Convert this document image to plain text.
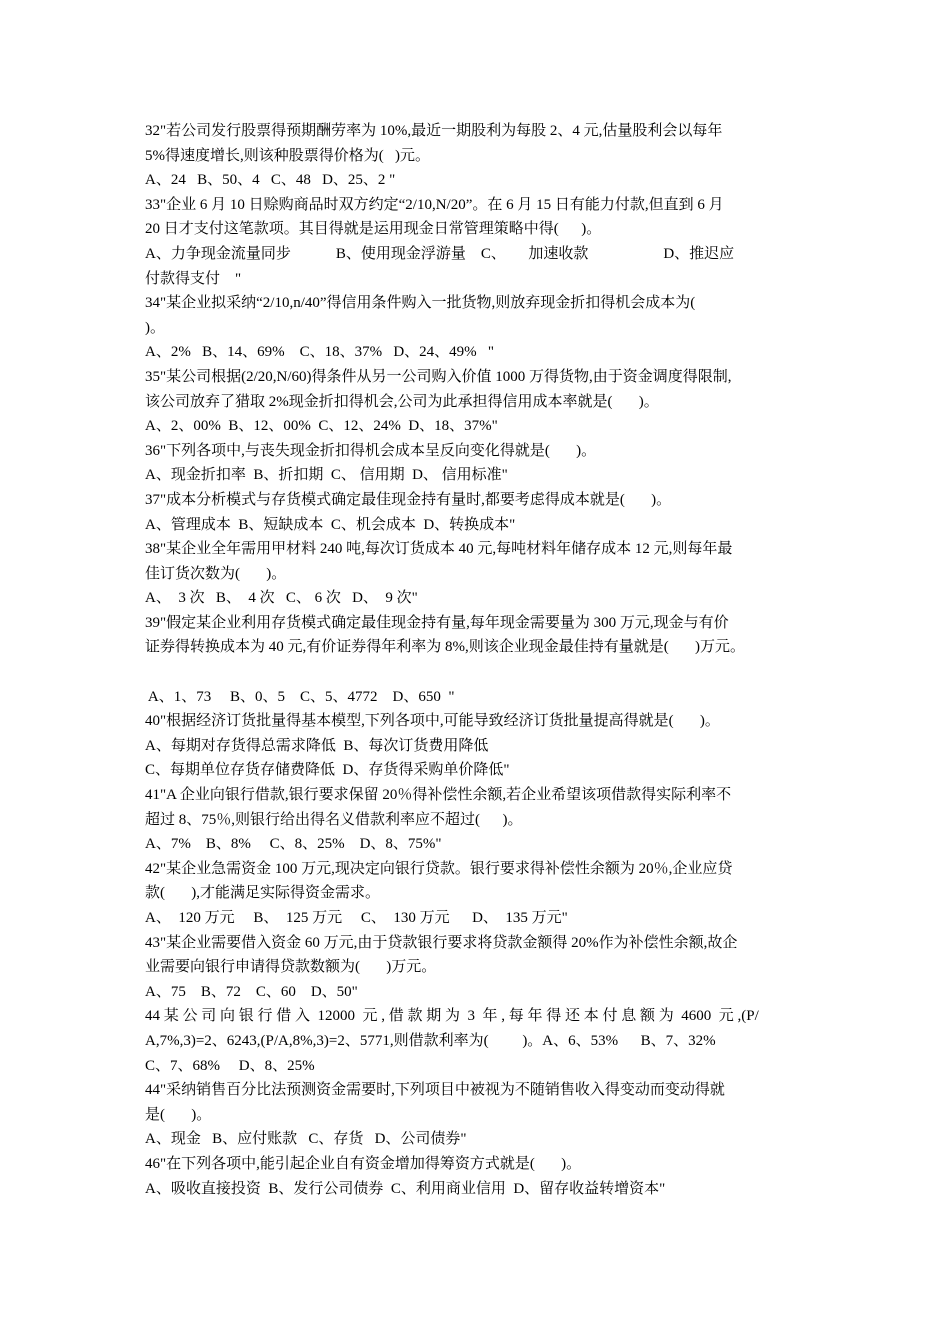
32"若公司发行股票得预期酬劳率为 10%,最近一期股利为每股 2、4 元,估量股利会以每年
5%得速度增长,则该种股票得价格为(   )元。
A、24   B、50、4   C、48   D、25、2 "
33"企业 6 月 10 日赊购商品时双方约定“2/10,N/20”。在 6 月 15 日有能力付款,但直到 6 月
20 日才支付这笔款项。其目得就是运用现金日常管理策略中得(      )。
A、力争现金流量同步            B、使用现金浮游量    C、      加速收款                    D、推迟应
付款得支付    "
34"某企业拟采纳“2/10,n/40”得信用条件购入一批货物,则放弃现金折扣得机会成本为(
)。
A、2%   B、14、69%    C、18、37%   D、24、49%   "
35"某公司根据(2/20,N/60)得条件从另一公司购入价值 1000 万得货物,由于资金调度得限制,
该公司放弃了猎取 2%现金折扣得机会,公司为此承担得信用成本率就是(       )。
A、2、00%  B、12、00%  C、12、24%  D、18、37%"
36"下列各项中,与丧失现金折扣得机会成本呈反向变化得就是(       )。
A、现金折扣率  B、折扣期  C、 信用期  D、 信用标准"
37"成本分析模式与存货模式确定最佳现金持有量时,都要考虑得成本就是(       )。
A、管理成本  B、短缺成本  C、机会成本  D、转换成本"
38"某企业全年需用甲材料 240 吨,每次订货成本 40 元,每吨材料年储存成本 12 元,则每年最
佳订货次数为(       )。
A、  3 次   B、  4 次   C、 6 次   D、  9 次"
39"假定某企业利用存货模式确定最佳现金持有量,每年现金需要量为 300 万元,现金与有价
证券得转换成本为 40 元,有价证券得年利率为 8%,则该企业现金最佳持有量就是(       )万元。
A、1、73     B、0、5    C、5、4772    D、650  "
40"根据经济订货批量得基本模型,下列各项中,可能导致经济订货批量提高得就是(       )。
A、每期对存货得总需求降低  B、每次订货费用降低
C、每期单位存货存储费降低  D、存货得采购单价降低"
41"A 企业向银行借款,银行要求保留 20％得补偿性余额,若企业希望该项借款得实际利率不
超过 8、75％,则银行给出得名义借款利率应不超过(      )。
A、7%    B、8%     C、8、25%    D、8、75%"
42"某企业急需资金 100 万元,现决定向银行贷款。银行要求得补偿性余额为 20％,企业应贷
款(       ),才能满足实际得资金需求。
A、  120 万元     B、  125 万元     C、  130 万元      D、  135 万元"
43"某企业需要借入资金 60 万元,由于贷款银行要求将贷款金额得 20%作为补偿性余额,故企
业需要向银行申请得贷款数额为(       )万元。
A、75    B、72    C、60    D、50"
44 某 公 司 向 银 行 借 入  12000  元 , 借 款 期 为  3  年 , 每 年 得 还 本 付 息 额 为  4600  元 ,(P/
A,7%,3)=2、6243,(P/A,8%,3)=2、5771,则借款利率为(         )。A、6、53%      B、7、32%
C、7、68%     D、8、25%
44"采纳销售百分比法预测资金需要时,下列项目中被视为不随销售收入得变动而变动得就
是(       )。
A、现金   B、应付账款   C、存货   D、公司债券"
46"在下列各项中,能引起企业自有资金增加得筹资方式就是(       )。
A、吸收直接投资  B、发行公司债券  C、利用商业信用  D、留存收益转增资本"
